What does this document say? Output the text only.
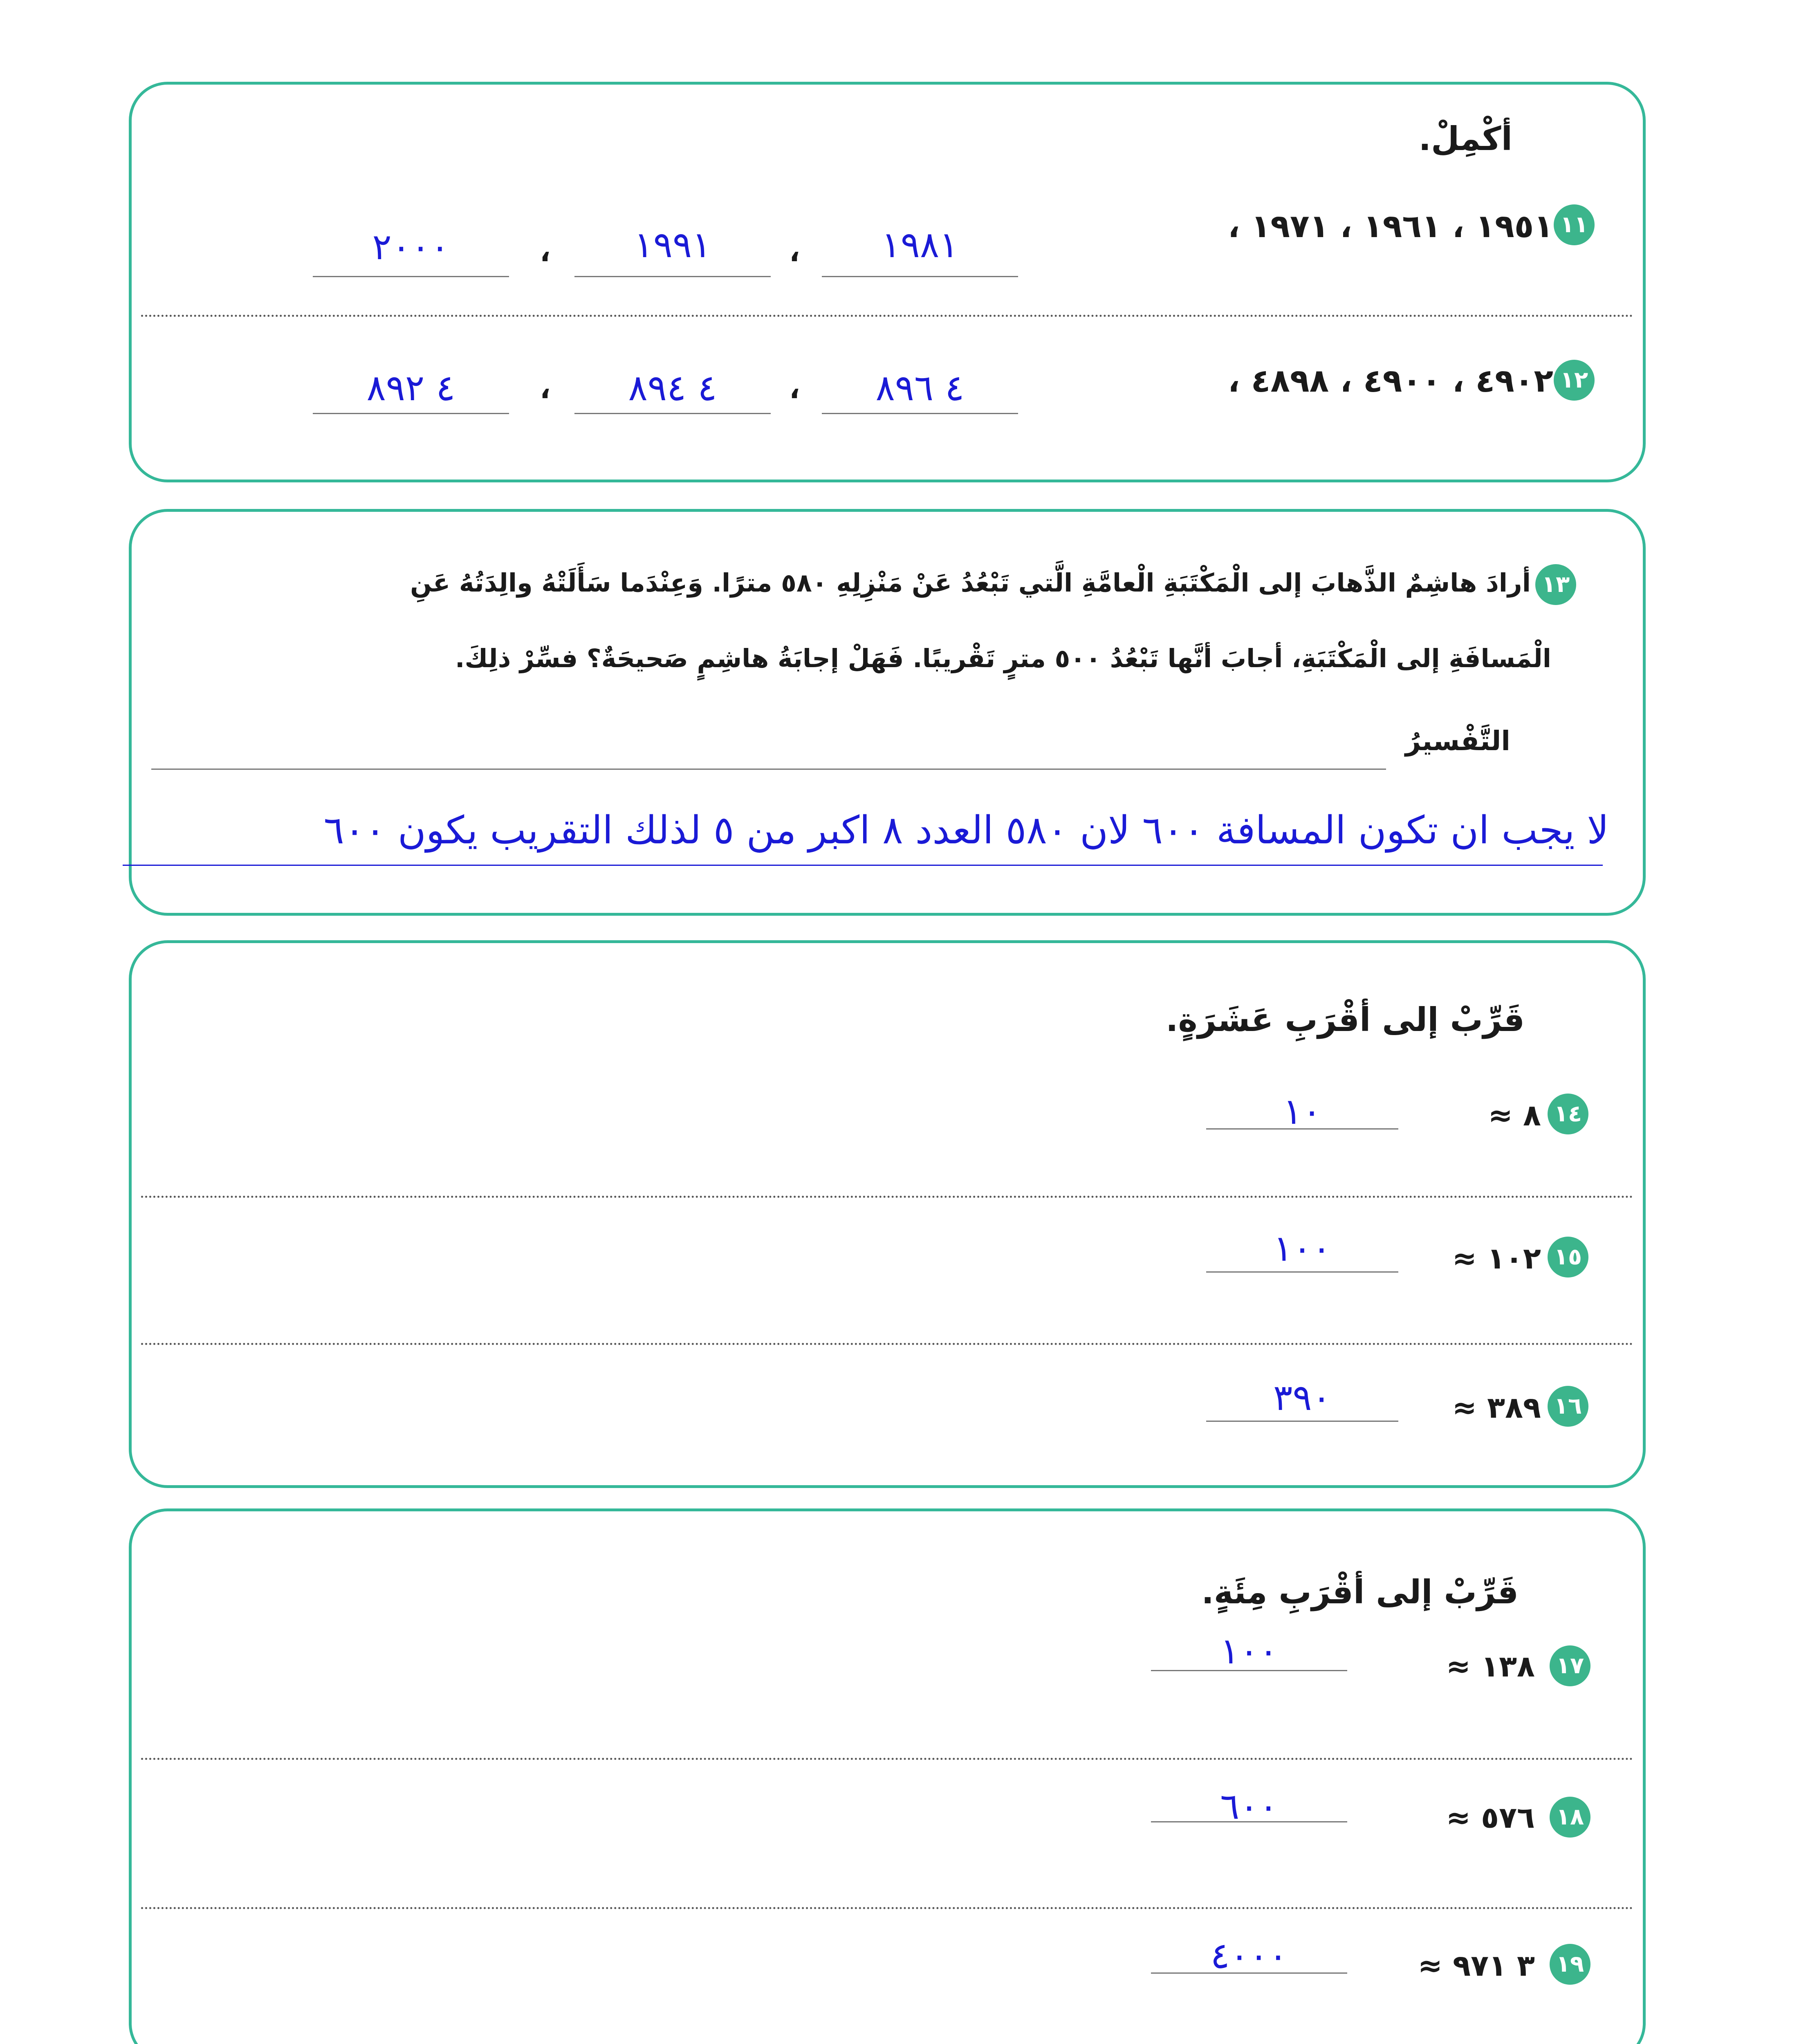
أكْمِلْ.
١١
١٩٥١ ، ١٩٦١ ، ١٩٧١ ،
١٩٨١
،
١٩٩١
،
٢٠٠٠
١٢
٤٩٠٢ ، ٤٩٠٠ ، ٤٨٩٨ ،
٤ ٨٩٦
،
٤ ٨٩٤
،
٤ ٨٩٢
١٣
أرادَ هاشِمٌ الذَّهابَ إلى الْمَكْتَبَةِ الْعامَّةِ الَّتي تَبْعُدُ عَنْ مَنْزِلِهِ ٥٨٠ مترًا. وَعِنْدَما سَأَلَتْهُ والِدَتُهُ عَنِ
الْمَسافَةِ إلى الْمَكْتَبَةِ، أجابَ أنَّها تَبْعُدُ ٥٠٠ مترٍ تَقْريبًا. فَهَلْ إجابَةُ هاشِمٍ صَحيحَةٌ؟ فسِّرْ ذلِكَ.
التَّفْسيرُ
لا يجب ان تكون المسافة ٦٠٠ لان ٥٨٠ العدد ٨ اكبر من ٥ لذلك التقريب يكون ٦٠٠
قَرِّبْ إلى أقْرَبِ عَشَرَةٍ.
١٤
٨ ≈
١٠
١٥
١٠٢ ≈
١٠٠
١٦
٣٨٩ ≈
٣٩٠
قَرِّبْ إلى أقْرَبِ مِئَةٍ.
١٧
١٣٨ ≈
١٠٠
١٨
٥٧٦ ≈
٦٠٠
١٩
٣ ٩٧١ ≈
٤٠٠٠
